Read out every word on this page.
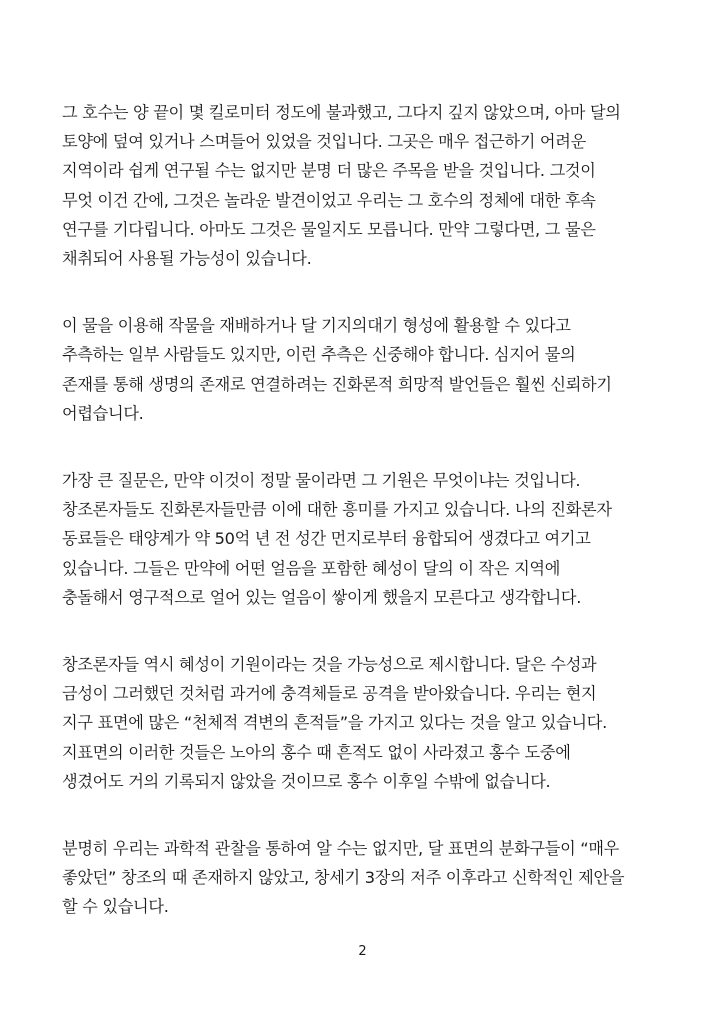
그 호수는 양 끝이 몇 킬로미터 정도에 불과했고, 그다지 깊지 않았으며, 아마 달의
토양에 덮여 있거나 스며들어 있었을 것입니다. 그곳은 매우 접근하기 어려운
지역이라 쉽게 연구될 수는 없지만 분명 더 많은 주목을 받을 것입니다. 그것이
무엇 이건 간에, 그것은 놀라운 발견이었고 우리는 그 호수의 정체에 대한 후속
연구를 기다립니다. 아마도 그것은 물일지도 모릅니다. 만약 그렇다면, 그 물은
채취되어 사용될 가능성이 있습니다.

이 물을 이용해 작물을 재배하거나 달 기지의대기 형성에 활용할 수 있다고
추측하는 일부 사람들도 있지만, 이런 추측은 신중해야 합니다. 심지어 물의
존재를 통해 생명의 존재로 연결하려는 진화론적 희망적 발언들은 훨씬 신뢰하기
어렵습니다.

가장 큰 질문은, 만약 이것이 정말 물이라면 그 기원은 무엇이냐는 것입니다.
창조론자들도 진화론자들만큼 이에 대한 흥미를 가지고 있습니다. 나의 진화론자
동료들은 태양계가 약 50억 년 전 성간 먼지로부터 융합되어 생겼다고 여기고
있습니다. 그들은 만약에 어떤 얼음을 포함한 혜성이 달의 이 작은 지역에
충돌해서 영구적으로 얼어 있는 얼음이 쌓이게 했을지 모른다고 생각합니다.

창조론자들 역시 혜성이 기원이라는 것을 가능성으로 제시합니다. 달은 수성과
금성이 그러했던 것처럼 과거에 충격체들로 공격을 받아왔습니다. 우리는 현지
지구 표면에 많은 “천체적 격변의 흔적들”을 가지고 있다는 것을 알고 있습니다.
지표면의 이러한 것들은 노아의 홍수 때 흔적도 없이 사라졌고 홍수 도중에
생겼어도 거의 기록되지 않았을 것이므로 홍수 이후일 수밖에 없습니다.

분명히 우리는 과학적 관찰을 통하여 알 수는 없지만, 달 표면의 분화구들이 “매우
좋았던” 창조의 때 존재하지 않았고, 창세기 3장의 저주 이후라고 신학적인 제안을
할 수 있습니다.

2
